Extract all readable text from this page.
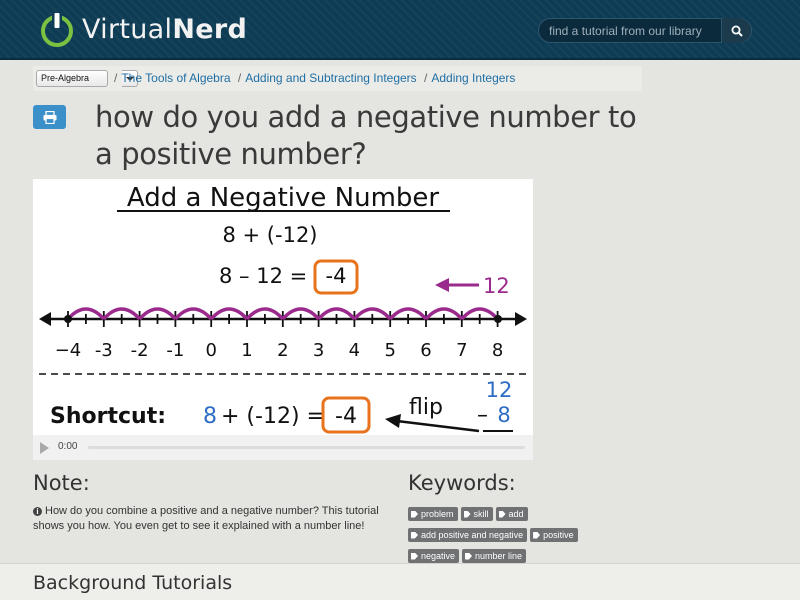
VirtualNerd
find a tutorial from our library
Pre-Algebra	/ The Tools of Algebra / Adding and Subtracting Integers / Adding Integers
how do you add a negative number to a positive number?
Add a Negative Number
8 + (-12)
8 – 12 = -4	12
−4 -3 -2 -1 0 1 2 3 4 5 6 7 8
Shortcut: 8 + (-12) = -4 flip
12
– 8
0:00
Note:
i How do you combine a positive and a negative number? This tutorial shows you how. You even get to see it explained with a number line!
Keywords:
problem skill add
add positive and negative positive
negative number line
Background Tutorials
